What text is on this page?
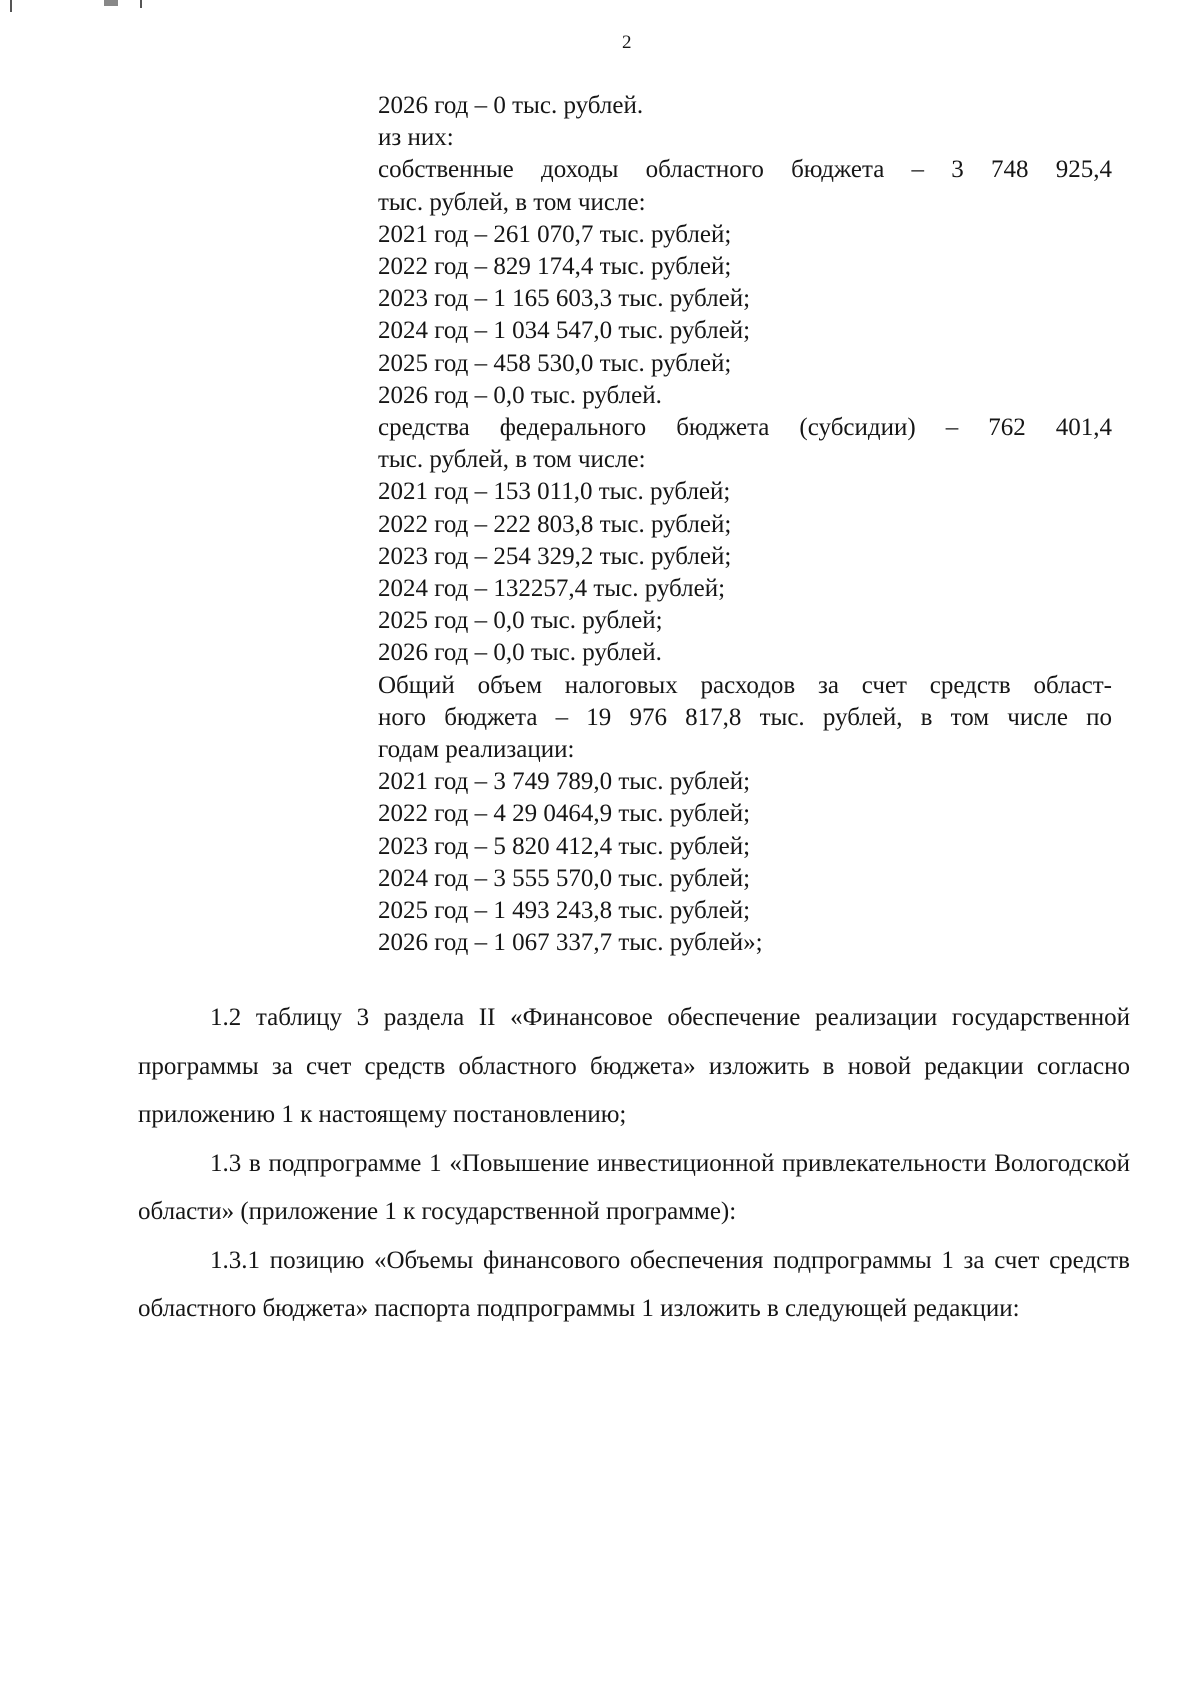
2
2026 год – 0 тыс. рублей.
из них:
собственные доходы областного бюджета – 3 748 925,4
тыс. рублей, в том числе:
2021 год – 261 070,7 тыс. рублей;
2022 год – 829 174,4 тыс. рублей;
2023 год – 1 165 603,3 тыс. рублей;
2024 год – 1 034 547,0 тыс. рублей;
2025 год – 458 530,0 тыс. рублей;
2026 год – 0,0 тыс. рублей.
средства федерального бюджета (субсидии) – 762 401,4
тыс. рублей, в том числе:
2021 год – 153 011,0 тыс. рублей;
2022 год – 222 803,8 тыс. рублей;
2023 год – 254 329,2 тыс. рублей;
2024 год – 132257,4 тыс. рублей;
2025 год – 0,0 тыс. рублей;
2026 год – 0,0 тыс. рублей.
Общий объем налоговых расходов за счет средств област-
ного бюджета – 19 976 817,8 тыс. рублей, в том числе по
годам реализации:
2021 год – 3 749 789,0 тыс. рублей;
2022 год – 4 29 0464,9 тыс. рублей;
2023 год – 5 820 412,4 тыс. рублей;
2024 год – 3 555 570,0 тыс. рублей;
2025 год – 1 493 243,8 тыс. рублей;
2026 год – 1 067 337,7 тыс. рублей»;

1.2 таблицу 3 раздела II «Финансовое обеспечение реализации государственной программы за счет средств областного бюджета» изложить в новой редакции согласно приложению 1 к настоящему постановлению;

1.3 в подпрограмме 1 «Повышение инвестиционной привлекательности Вологодской области» (приложение 1 к государственной программе):

1.3.1 позицию «Объемы финансового обеспечения подпрограммы 1 за счет средств областного бюджета» паспорта подпрограммы 1 изложить в следующей редакции:
